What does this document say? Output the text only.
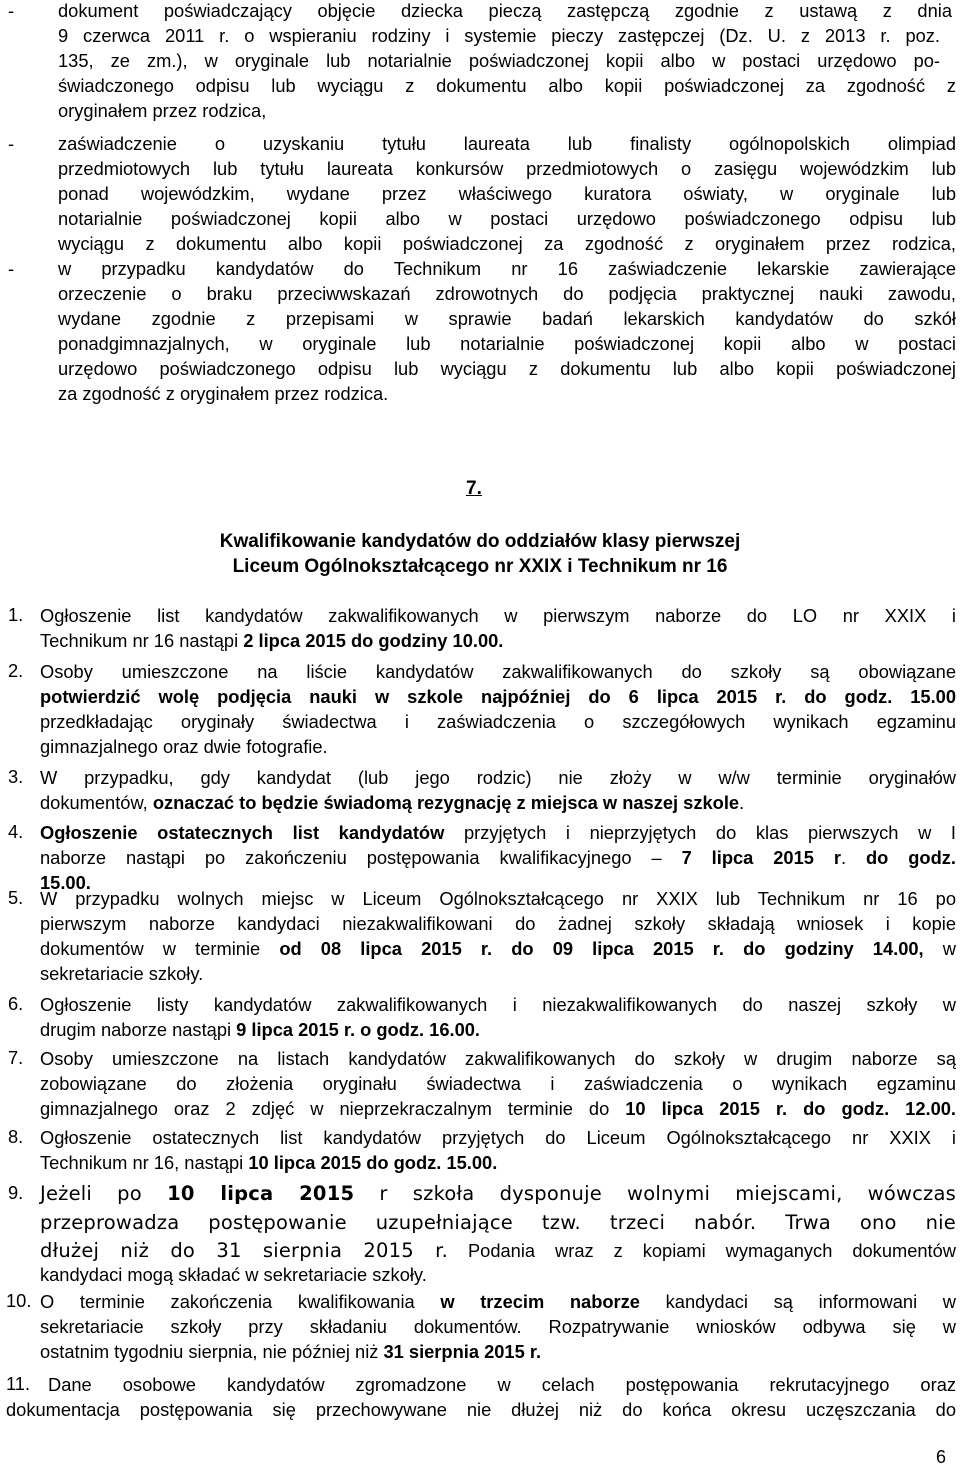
- dokument poświadczający objęcie dziecka pieczą zastępczą zgodnie z ustawą z dnia
9 czerwca 2011 r. o wspieraniu rodziny i systemie pieczy zastępczej (Dz. U. z 2013 r. poz.
135, ze zm.), w oryginale lub notarialnie poświadczonej kopii albo w postaci urzędowo po-
świadczonego odpisu lub wyciągu z dokumentu albo kopii poświadczonej za zgodność z
oryginałem przez rodzica,
- zaświadczenie o uzyskaniu tytułu laureata lub finalisty ogólnopolskich olimpiad
przedmiotowych lub tytułu laureata konkursów przedmiotowych o zasięgu wojewódzkim lub
ponad wojewódzkim, wydane przez właściwego kuratora oświaty, w oryginale lub
notarialnie poświadczonej kopii albo w postaci urzędowo poświadczonego odpisu lub
wyciągu z dokumentu albo kopii poświadczonej za zgodność z oryginałem przez rodzica,
- w przypadku kandydatów do Technikum nr 16 zaświadczenie lekarskie zawierające
orzeczenie o braku przeciwwskazań zdrowotnych do podjęcia praktycznej nauki zawodu,
wydane zgodnie z przepisami w sprawie badań lekarskich kandydatów do szkół
ponadgimnazjalnych, w oryginale lub notarialnie poświadczonej kopii albo w postaci
urzędowo poświadczonego odpisu lub wyciągu z dokumentu lub albo kopii poświadczonej
za zgodność z oryginałem przez rodzica.
7.
Kwalifikowanie kandydatów do oddziałów klasy pierwszej
Liceum Ogólnokształcącego nr XXIX i Technikum nr 16
1. Ogłoszenie list kandydatów zakwalifikowanych w pierwszym naborze do LO nr XXIX i
Technikum nr 16 nastąpi 2 lipca 2015 do godziny 10.00.
2. Osoby umieszczone na liście kandydatów zakwalifikowanych do szkoły są obowiązane
potwierdzić wolę podjęcia nauki w szkole najpóźniej do 6 lipca 2015 r. do godz. 15.00
przedkładając oryginały świadectwa i zaświadczenia o szczegółowych wynikach egzaminu
gimnazjalnego oraz dwie fotografie.
3. W przypadku, gdy kandydat (lub jego rodzic) nie złoży w w/w terminie oryginałów
dokumentów, oznaczać to będzie świadomą rezygnację z miejsca w naszej szkole.
4. Ogłoszenie ostatecznych list kandydatów przyjętych i nieprzyjętych do klas pierwszych w I
naborze nastąpi po zakończeniu postępowania kwalifikacyjnego – 7 lipca 2015 r. do godz.
15.00.
5. W przypadku wolnych miejsc w Liceum Ogólnokształcącego nr XXIX lub Technikum nr 16 po
pierwszym naborze kandydaci niezakwalifikowani do żadnej szkoły składają wniosek i kopie
dokumentów w terminie od 08 lipca 2015 r. do 09 lipca 2015 r. do godziny 14.00, w
sekretariacie szkoły.
6. Ogłoszenie listy kandydatów zakwalifikowanych i niezakwalifikowanych do naszej szkoły w
drugim naborze nastąpi 9 lipca 2015 r. o godz. 16.00.
7. Osoby umieszczone na listach kandydatów zakwalifikowanych do szkoły w drugim naborze są
zobowiązane do złożenia oryginału świadectwa i zaświadczenia o wynikach egzaminu
gimnazjalnego oraz 2 zdjęć w nieprzekraczalnym terminie do 10 lipca 2015 r. do godz. 12.00.
8. Ogłoszenie ostatecznych list kandydatów przyjętych do Liceum Ogólnokształcącego nr XXIX i
Technikum nr 16, nastąpi 10 lipca 2015 do godz. 15.00.
9. Jeżeli po 10 lipca 2015 r szkoła dysponuje wolnymi miejscami, wówczas
przeprowadza postępowanie uzupełniające tzw. trzeci nabór. Trwa ono nie
dłużej niż do 31 sierpnia 2015 r. Podania wraz z kopiami wymaganych dokumentów
kandydaci mogą składać w sekretariacie szkoły.
10. O terminie zakończenia kwalifikowania w trzecim naborze kandydaci są informowani w
sekretariacie szkoły przy składaniu dokumentów. Rozpatrywanie wniosków odbywa się w
ostatnim tygodniu sierpnia, nie później niż 31 sierpnia 2015 r.
11. Dane osobowe kandydatów zgromadzone w celach postępowania rekrutacyjnego oraz
dokumentacja postępowania się przechowywane nie dłużej niż do końca okresu uczęszczania do
6
